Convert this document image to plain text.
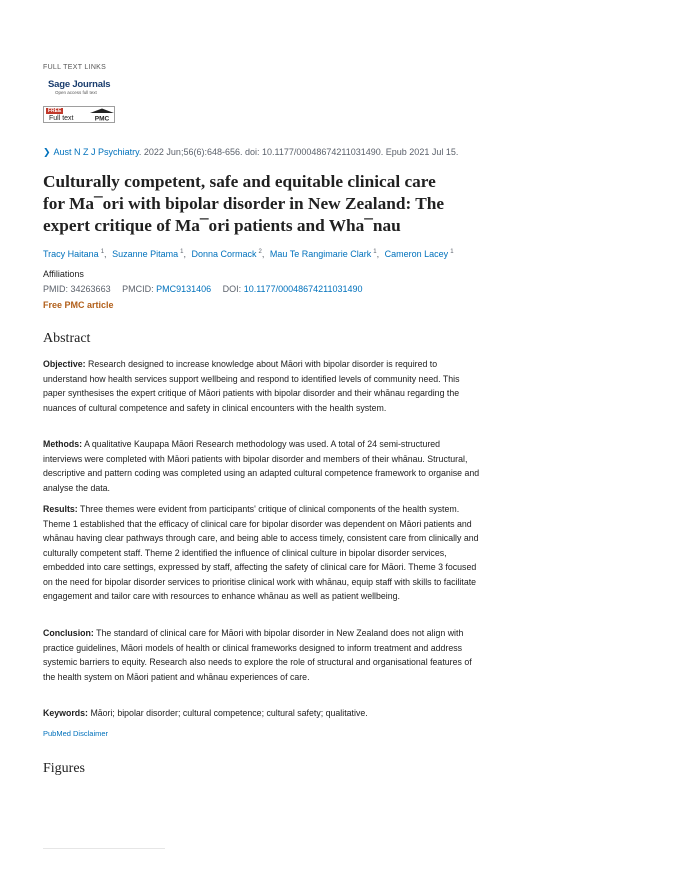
FULL TEXT LINKS
Sage Journals
Open access full text
FREE
Full text	PMC
❯ Aust N Z J Psychiatry. 2022 Jun;56(6):648-656. doi: 10.1177/00048674211031490. Epub 2021 Jul 15.
Culturally competent, safe and equitable clinical care
for Ma¯ori with bipolar disorder in New Zealand: The
expert critique of Ma¯ori patients and Wha¯nau
Tracy Haitana $^1$, Suzanne Pitama $^1$, Donna Cormack $^2$, Mau Te Rangimarie Clark $^1$, Cameron Lacey $^1$
Affiliations
PMID: 34263663 PMCID: PMC9131406 DOI: 10.1177/00048674211031490
Free PMC article
Abstract

Objective: Research designed to increase knowledge about Māori with bipolar disorder is required to understand how health services support wellbeing and respond to identified levels of community need. This paper synthesises the expert critique of Māori patients with bipolar disorder and their whānau regarding the nuances of cultural competence and safety in clinical encounters with the health system.

Methods: A qualitative Kaupapa Māori Research methodology was used. A total of 24 semi-structured interviews were completed with Māori patients with bipolar disorder and members of their whānau. Structural, descriptive and pattern coding was completed using an adapted cultural competence framework to organise and analyse the data.

Results: Three themes were evident from participants' critique of clinical components of the health system. Theme 1 established that the efficacy of clinical care for bipolar disorder was dependent on Māori patients and whānau having clear pathways through care, and being able to access timely, consistent care from clinically and culturally competent staff. Theme 2 identified the influence of clinical culture in bipolar disorder services, embedded into care settings, expressed by staff, affecting the safety of clinical care for Māori. Theme 3 focused on the need for bipolar disorder services to prioritise clinical work with whānau, equip staff with skills to facilitate engagement and tailor care with resources to enhance whānau as well as patient wellbeing.

Conclusion: The standard of clinical care for Māori with bipolar disorder in New Zealand does not align with practice guidelines, Māori models of health or clinical frameworks designed to inform treatment and address systemic barriers to equity. Research also needs to explore the role of structural and organisational features of the health system on Māori patient and whānau experiences of care.

Keywords: Māori; bipolar disorder; cultural competence; cultural safety; qualitative.

PubMed Disclaimer
Figures
